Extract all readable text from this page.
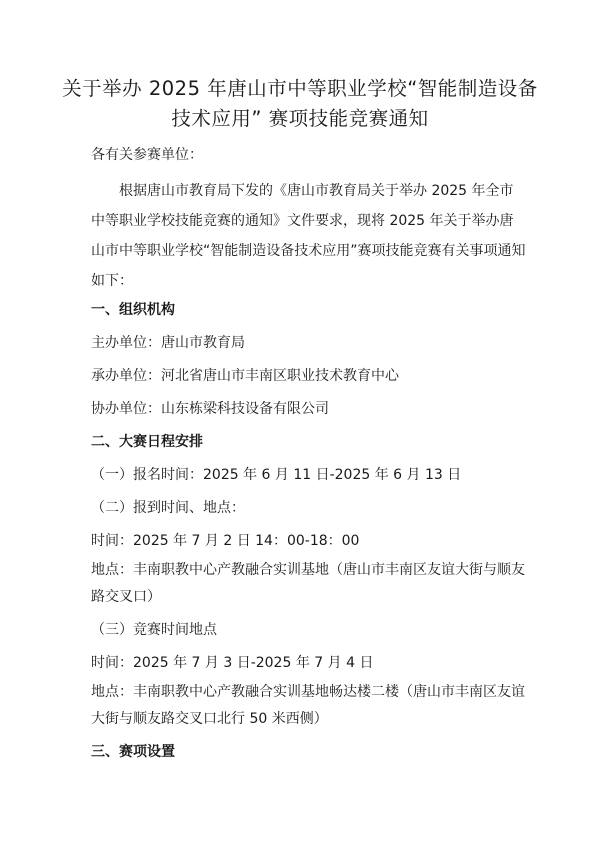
关于举办 2025 年唐山市中等职业学校“智能制造设备技术应用” 赛项技能竞赛通知
各有关参赛单位：
根据唐山市教育局下发的《唐山市教育局关于举办 2025 年全市中等职业学校技能竞赛的通知》文件要求，现将 2025 年关于举办唐山市中等职业学校“智能制造设备技术应用”赛项技能竞赛有关事项通知如下：
一、组织机构
主办单位：唐山市教育局
承办单位：河北省唐山市丰南区职业技术教育中心
协办单位：山东栋梁科技设备有限公司
二、大赛日程安排
（一）报名时间：2025 年 6 月 11 日-2025 年 6 月 13 日
（二）报到时间、地点：
时间：2025 年 7 月 2 日 14：00-18：00
地点：丰南职教中心产教融合实训基地（唐山市丰南区友谊大街与顺友路交叉口）
（三）竞赛时间地点
时间：2025 年 7 月 3 日-2025 年 7 月 4 日
地点：丰南职教中心产教融合实训基地畅达楼二楼（唐山市丰南区友谊大街与顺友路交叉口北行 50 米西侧）
三、赛项设置
